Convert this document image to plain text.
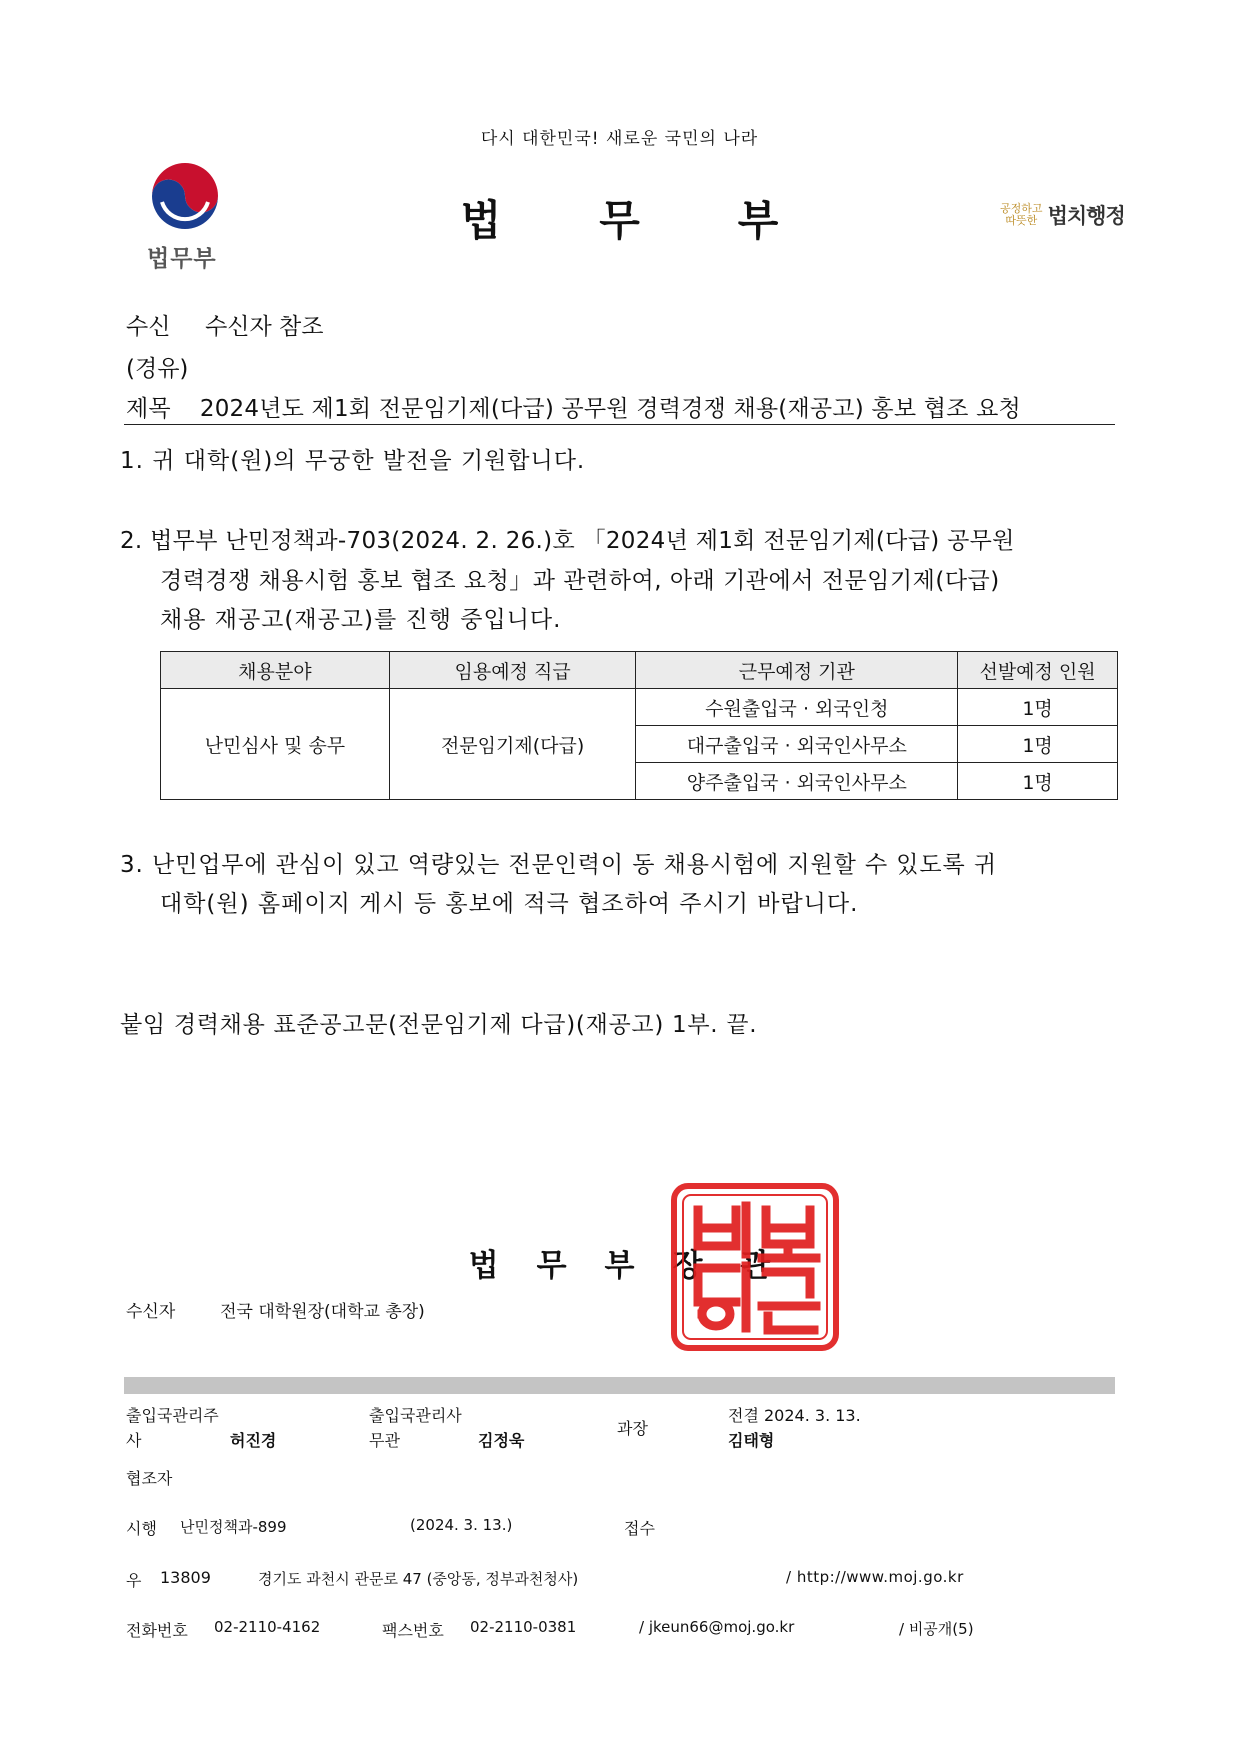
다시 대한민국! 새로운 국민의 나라
법무부
법무부	공정하고
따뜻한 법치행정
수신 수신자 참조
(경유)
제목 2024년도 제1회 전문임기제(다급) 공무원 경력경쟁 채용(재공고) 홍보 협조 요청
1. 귀 대학(원)의 무궁한 발전을 기원합니다.
2. 법무부 난민정책과-703(2024. 2. 26.)호 「2024년 제1회 전문임기제(다급) 공무원
경력경쟁 채용시험 홍보 협조 요청」과 관련하여, 아래 기관에서 전문임기제(다급)
채용 재공고(재공고)를 진행 중입니다.
채용분야	임용예정 직급	근무예정 기관	선발예정 인원
난민심사 및 송무	전문임기제(다급)	수원출입국 · 외국인청	1명
		대구출입국 · 외국인사무소	1명
		양주출입국 · 외국인사무소	1명
3. 난민업무에 관심이 있고 역량있는 전문인력이 동 채용시험에 지원할 수 있도록 귀
대학(원) 홈페이지 게시 등 홍보에 적극 협조하여 주시기 바랍니다.
붙임 경력채용 표준공고문(전문임기제 다급)(재공고) 1부. 끝.
법무부장관
수신자	전국 대학원장(대학교 총장)
출입국관리주
사	허진경
출입국관리사
무관	김정욱
과장
전결 2024. 3. 13.
김태형
협조자
시행 난민정책과-899	(2024. 3. 13.)	접수
우 13809	경기도 과천시 관문로 47 (중앙동, 정부과천청사)	/ http://www.moj.go.kr
전화번호 02-2110-4162	팩스번호 02-2110-0381	/ jkeun66@moj.go.kr	/ 비공개(5)
